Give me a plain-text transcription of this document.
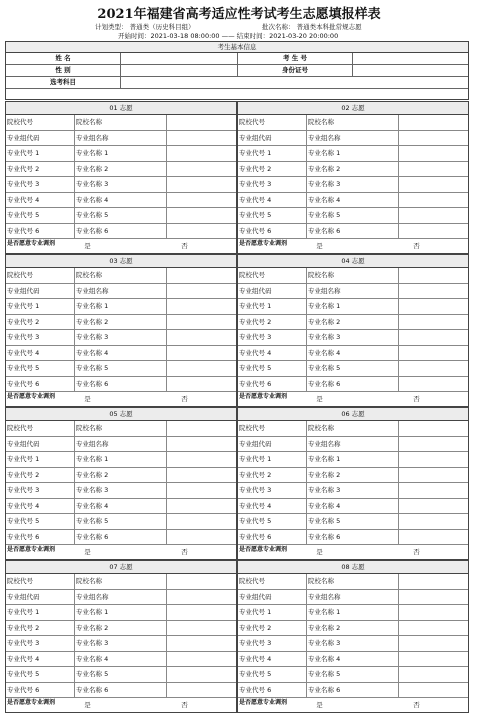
2021年福建省高考适应性考试考生志愿填报样表
计划类型： 普通类（历史科目组）	批次名称： 普通类本科批常规志愿
开始时间：2021-03-18 08:00:00 —— 结束时间：2021-03-20 20:00:00
考生基本信息
姓 名	考 生 号
性 别	身份证号
选考科目
01 志愿
院校代号	院校名称
专业组代码	专业组名称
专业代号 1	专业名称 1
专业代号 2	专业名称 2
专业代号 3	专业名称 3
专业代号 4	专业名称 4
专业代号 5	专业名称 5
专业代号 6	专业名称 6
是否愿意专业调剂	是	否
02 志愿
院校代号	院校名称
专业组代码	专业组名称
专业代号 1	专业名称 1
专业代号 2	专业名称 2
专业代号 3	专业名称 3
专业代号 4	专业名称 4
专业代号 5	专业名称 5
专业代号 6	专业名称 6
是否愿意专业调剂	是	否
03 志愿
院校代号	院校名称
专业组代码	专业组名称
专业代号 1	专业名称 1
专业代号 2	专业名称 2
专业代号 3	专业名称 3
专业代号 4	专业名称 4
专业代号 5	专业名称 5
专业代号 6	专业名称 6
是否愿意专业调剂	是	否
04 志愿
院校代号	院校名称
专业组代码	专业组名称
专业代号 1	专业名称 1
专业代号 2	专业名称 2
专业代号 3	专业名称 3
专业代号 4	专业名称 4
专业代号 5	专业名称 5
专业代号 6	专业名称 6
是否愿意专业调剂	是	否
05 志愿
院校代号	院校名称
专业组代码	专业组名称
专业代号 1	专业名称 1
专业代号 2	专业名称 2
专业代号 3	专业名称 3
专业代号 4	专业名称 4
专业代号 5	专业名称 5
专业代号 6	专业名称 6
是否愿意专业调剂	是	否
06 志愿
院校代号	院校名称
专业组代码	专业组名称
专业代号 1	专业名称 1
专业代号 2	专业名称 2
专业代号 3	专业名称 3
专业代号 4	专业名称 4
专业代号 5	专业名称 5
专业代号 6	专业名称 6
是否愿意专业调剂	是	否
07 志愿
院校代号	院校名称
专业组代码	专业组名称
专业代号 1	专业名称 1
专业代号 2	专业名称 2
专业代号 3	专业名称 3
专业代号 4	专业名称 4
专业代号 5	专业名称 5
专业代号 6	专业名称 6
是否愿意专业调剂	是	否
08 志愿
院校代号	院校名称
专业组代码	专业组名称
专业代号 1	专业名称 1
专业代号 2	专业名称 2
专业代号 3	专业名称 3
专业代号 4	专业名称 4
专业代号 5	专业名称 5
专业代号 6	专业名称 6
是否愿意专业调剂	是	否
